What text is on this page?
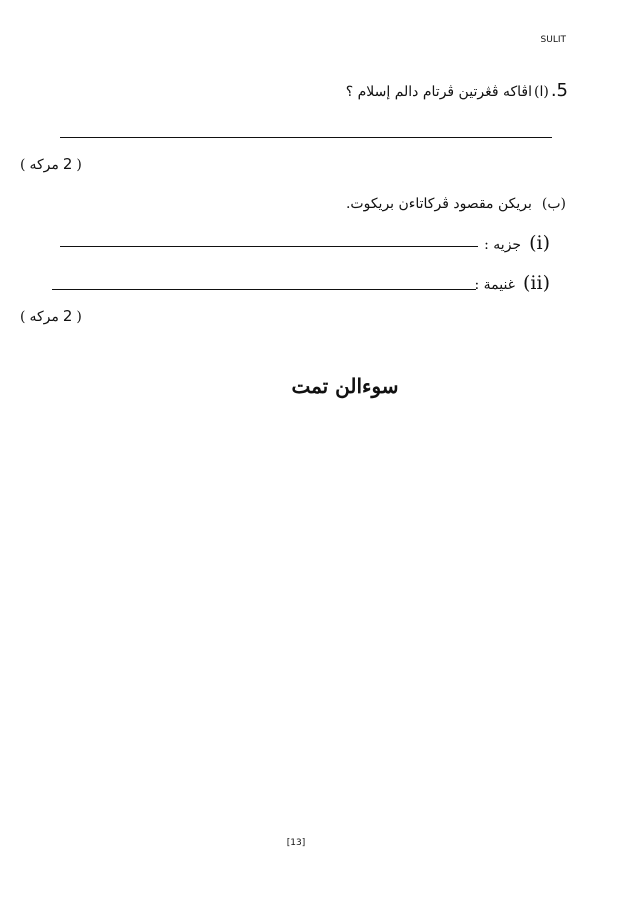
SULIT
5.
(ا)
اڤاكه ڤڠرتين ڤرتام دالم إسلام ؟
(
2
مركه
)
(ب)
بريكن مقصود ڤركاتاءن بريكوت.
(i)
جزيه :
(ii)
غنيمة :
(
2
مركه
)
سوءالن تمت
[13]
